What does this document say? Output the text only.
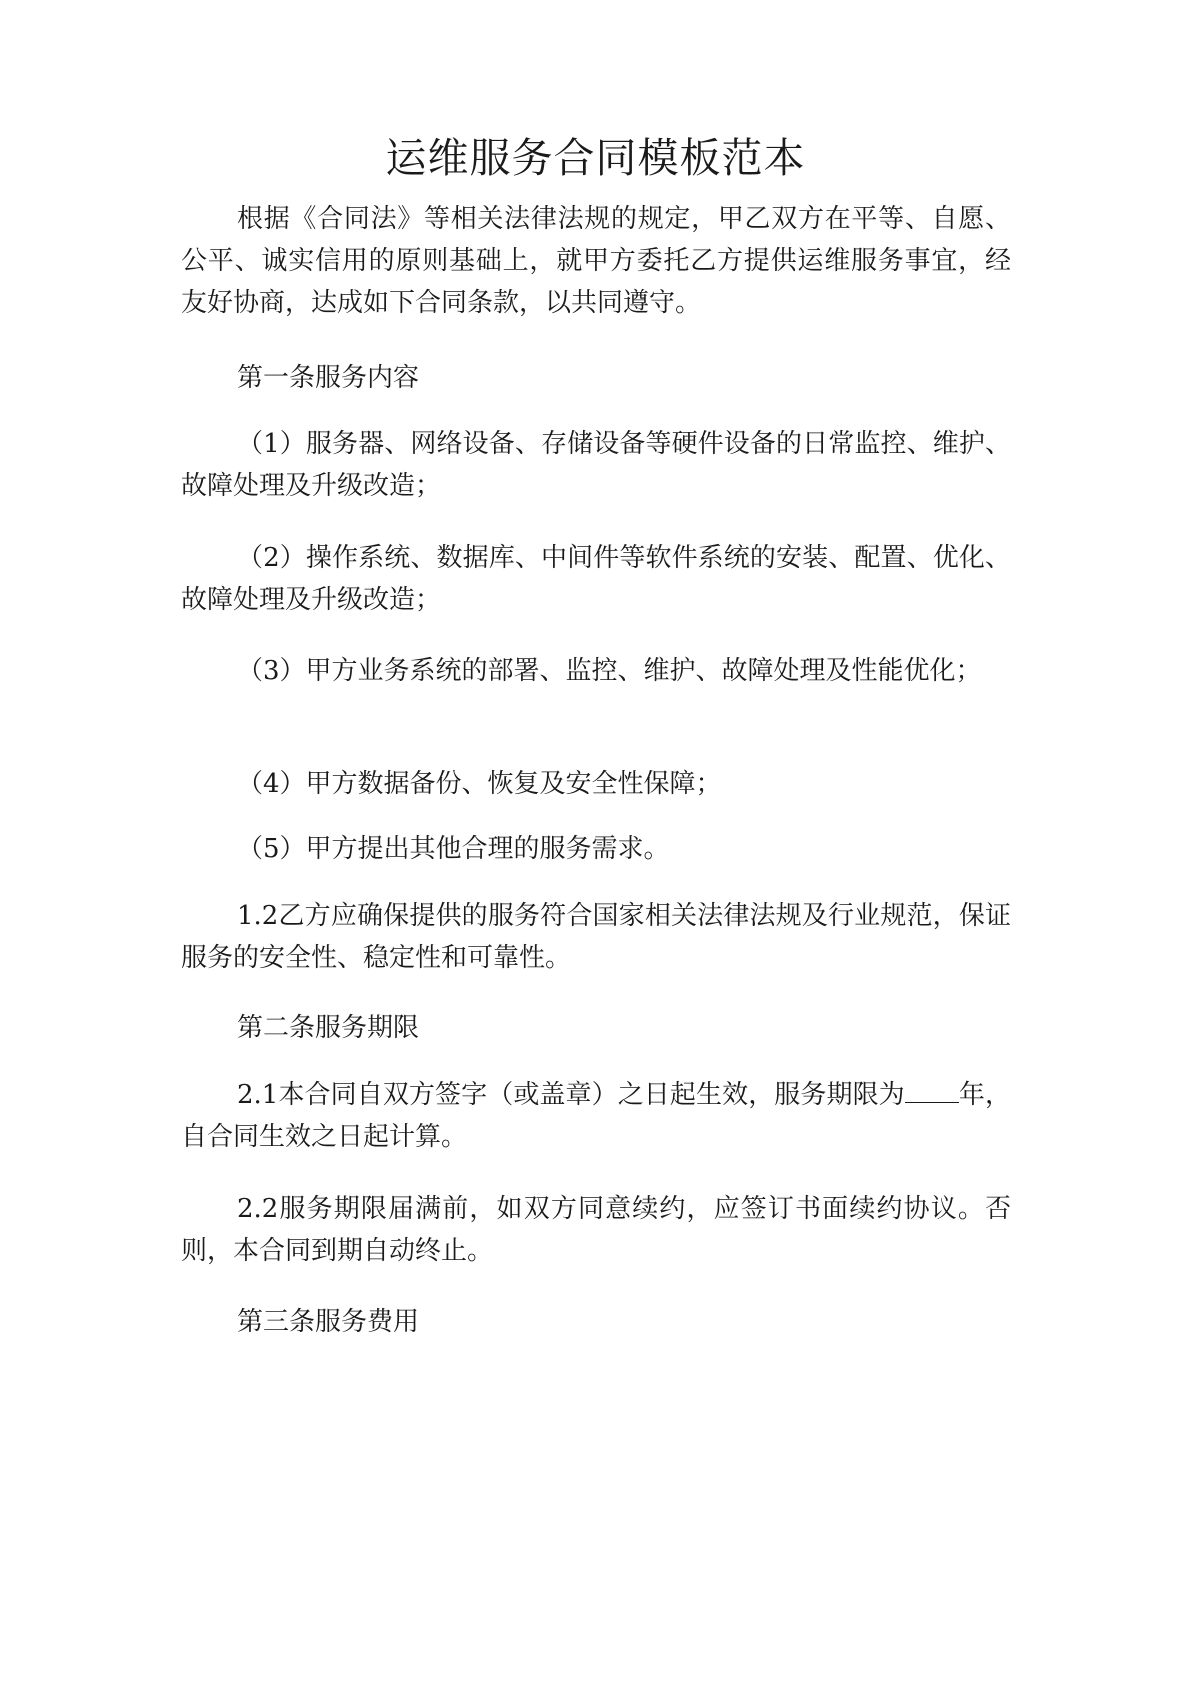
运维服务合同模板范本

根据《合同法》等相关法律法规的规定，甲乙双方在平等、自愿、公平、诚实信用的原则基础上，就甲方委托乙方提供运维服务事宜，经友好协商，达成如下合同条款，以共同遵守。

第一条服务内容

（1）服务器、网络设备、存储设备等硬件设备的日常监控、维护、故障处理及升级改造；

（2）操作系统、数据库、中间件等软件系统的安装、配置、优化、故障处理及升级改造；

（3）甲方业务系统的部署、监控、维护、故障处理及性能优化；

（4）甲方数据备份、恢复及安全性保障；

（5）甲方提出其他合理的服务需求。

1.2乙方应确保提供的服务符合国家相关法律法规及行业规范，保证服务的安全性、稳定性和可靠性。

第二条服务期限

2.1本合同自双方签字（或盖章）之日起生效，服务期限为 年，自合同生效之日起计算。

2.2服务期限届满前，如双方同意续约，应签订书面续约协议。否则，本合同到期自动终止。

第三条服务费用
